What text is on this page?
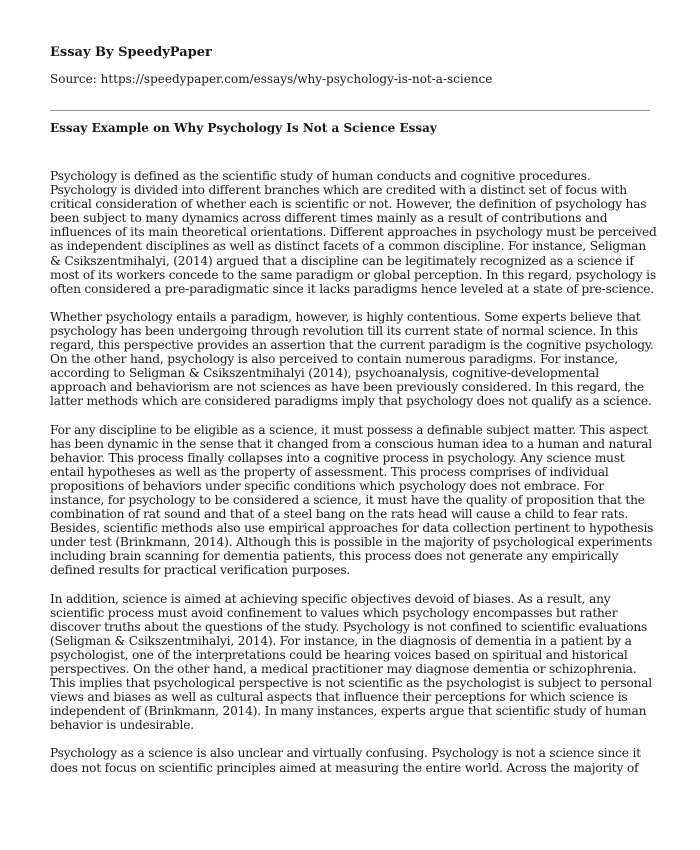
Essay By SpeedyPaper
Source: https://speedypaper.com/essays/why-psychology-is-not-a-science
Essay Example on Why Psychology Is Not a Science Essay
Psychology is defined as the scientific study of human conducts and cognitive procedures.
Psychology is divided into different branches which are credited with a distinct set of focus with
critical consideration of whether each is scientific or not. However, the definition of psychology has
been subject to many dynamics across different times mainly as a result of contributions and
influences of its main theoretical orientations. Different approaches in psychology must be perceived
as independent disciplines as well as distinct facets of a common discipline. For instance, Seligman
& Csikszentmihalyi, (2014) argued that a discipline can be legitimately recognized as a science if
most of its workers concede to the same paradigm or global perception. In this regard, psychology is
often considered a pre-paradigmatic since it lacks paradigms hence leveled at a state of pre-science.
Whether psychology entails a paradigm, however, is highly contentious. Some experts believe that
psychology has been undergoing through revolution till its current state of normal science. In this
regard, this perspective provides an assertion that the current paradigm is the cognitive psychology.
On the other hand, psychology is also perceived to contain numerous paradigms. For instance,
according to Seligman & Csikszentmihalyi (2014), psychoanalysis, cognitive-developmental
approach and behaviorism are not sciences as have been previously considered. In this regard, the
latter methods which are considered paradigms imply that psychology does not qualify as a science.
For any discipline to be eligible as a science, it must possess a definable subject matter. This aspect
has been dynamic in the sense that it changed from a conscious human idea to a human and natural
behavior. This process finally collapses into a cognitive process in psychology. Any science must
entail hypotheses as well as the property of assessment. This process comprises of individual
propositions of behaviors under specific conditions which psychology does not embrace. For
instance, for psychology to be considered a science, it must have the quality of proposition that the
combination of rat sound and that of a steel bang on the rats head will cause a child to fear rats.
Besides, scientific methods also use empirical approaches for data collection pertinent to hypothesis
under test (Brinkmann, 2014). Although this is possible in the majority of psychological experiments
including brain scanning for dementia patients, this process does not generate any empirically
defined results for practical verification purposes.
In addition, science is aimed at achieving specific objectives devoid of biases. As a result, any
scientific process must avoid confinement to values which psychology encompasses but rather
discover truths about the questions of the study. Psychology is not confined to scientific evaluations
(Seligman & Csikszentmihalyi, 2014). For instance, in the diagnosis of dementia in a patient by a
psychologist, one of the interpretations could be hearing voices based on spiritual and historical
perspectives. On the other hand, a medical practitioner may diagnose dementia or schizophrenia.
This implies that psychological perspective is not scientific as the psychologist is subject to personal
views and biases as well as cultural aspects that influence their perceptions for which science is
independent of (Brinkmann, 2014). In many instances, experts argue that scientific study of human
behavior is undesirable.
Psychology as a science is also unclear and virtually confusing. Psychology is not a science since it
does not focus on scientific principles aimed at measuring the entire world. Across the majority of
